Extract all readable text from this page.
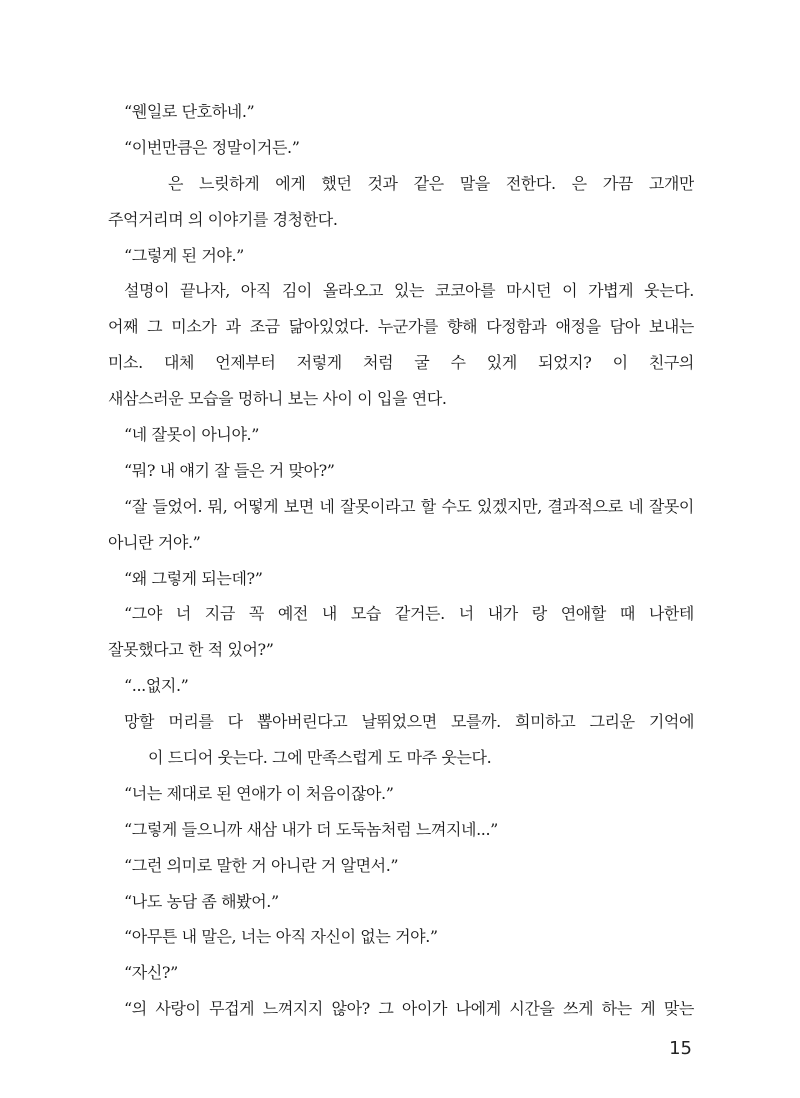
“웬일로 단호하네.”
“이번만큼은 정말이거든.”
은 느릿하게 에게 했던 것과 같은 말을 전한다. 은 가끔 고개만
주억거리며 의 이야기를 경청한다.
“그렇게 된 거야.”
설명이 끝나자, 아직 김이 올라오고 있는 코코아를 마시던 이 가볍게 웃는다.
어째 그 미소가 과 조금 닮아있었다. 누군가를 향해 다정함과 애정을 담아 보내는
미소. 대체 언제부터 저렇게 처럼 굴 수 있게 되었지? 이 친구의
새삼스러운 모습을 멍하니 보는 사이 이 입을 연다.
“네 잘못이 아니야.”
“뭐? 내 얘기 잘 들은 거 맞아?”
“잘 들었어. 뭐, 어떻게 보면 네 잘못이라고 할 수도 있겠지만, 결과적으로 네 잘못이
아니란 거야.”
“왜 그렇게 되는데?”
“그야 너 지금 꼭 예전 내 모습 같거든. 너 내가 랑 연애할 때 나한테
잘못했다고 한 적 있어?”
“...없지.”
망할 머리를 다 뽑아버린다고 날뛰었으면 모를까. 희미하고 그리운 기억에
이 드디어 웃는다. 그에 만족스럽게 도 마주 웃는다.
“너는 제대로 된 연애가 이 처음이잖아.”
“그렇게 들으니까 새삼 내가 더 도둑놈처럼 느껴지네...”
“그런 의미로 말한 거 아니란 거 알면서.”
“나도 농담 좀 해봤어.”
“아무튼 내 말은, 너는 아직 자신이 없는 거야.”
“자신?”
“의 사랑이 무겁게 느껴지지 않아? 그 아이가 나에게 시간을 쓰게 하는 게 맞는
15
